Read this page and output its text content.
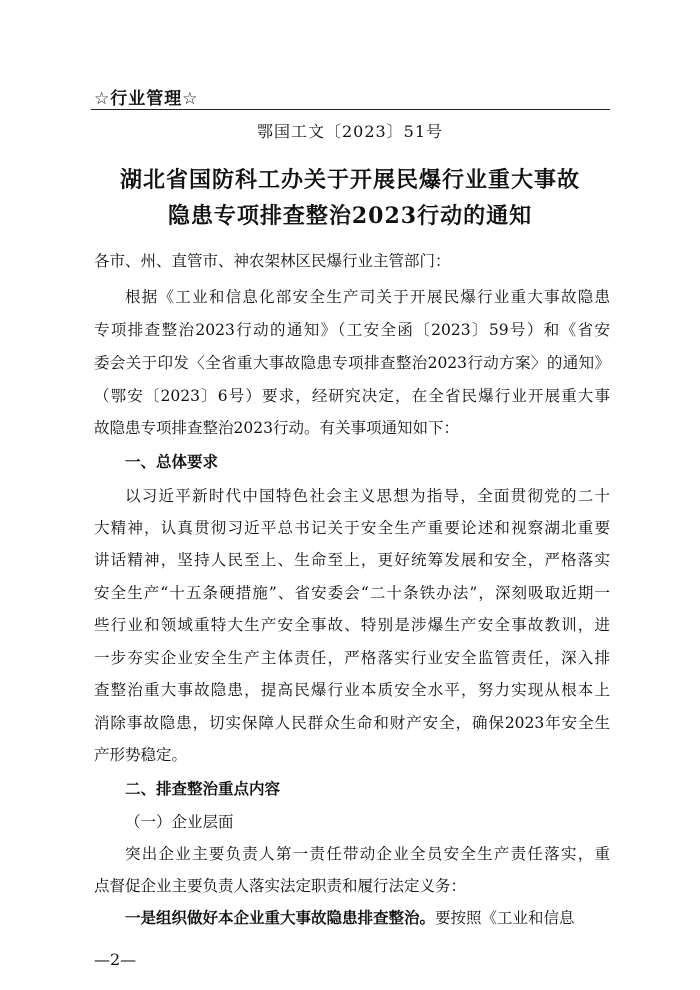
☆行业管理☆
鄂国工文〔2023〕51号
湖北省国防科工办关于开展民爆行业重大事故
隐患专项排查整治2023行动的通知
各市、州、直管市、神农架林区民爆行业主管部门：
根据《工业和信息化部安全生产司关于开展民爆行业重大事故隐患
专项排查整治2023行动的通知》（工安全函〔2023〕59号）和《省安
委会关于印发〈全省重大事故隐患专项排查整治2023行动方案〉的通知》
（鄂安〔2023〕6号）要求，经研究决定，在全省民爆行业开展重大事
故隐患专项排查整治2023行动。有关事项通知如下：
一、总体要求
以习近平新时代中国特色社会主义思想为指导，全面贯彻党的二十
大精神，认真贯彻习近平总书记关于安全生产重要论述和视察湖北重要
讲话精神，坚持人民至上、生命至上，更好统筹发展和安全，严格落实
安全生产“十五条硬措施”、省安委会“二十条铁办法”，深刻吸取近期一
些行业和领域重特大生产安全事故、特别是涉爆生产安全事故教训，进
一步夯实企业安全生产主体责任，严格落实行业安全监管责任，深入排
查整治重大事故隐患，提高民爆行业本质安全水平，努力实现从根本上
消除事故隐患，切实保障人民群众生命和财产安全，确保2023年安全生
产形势稳定。
二、排查整治重点内容
（一）企业层面
突出企业主要负责人第一责任带动企业全员安全生产责任落实，重
点督促企业主要负责人落实法定职责和履行法定义务：
一是组织做好本企业重大事故隐患排查整治。要按照《工业和信息
—2—
